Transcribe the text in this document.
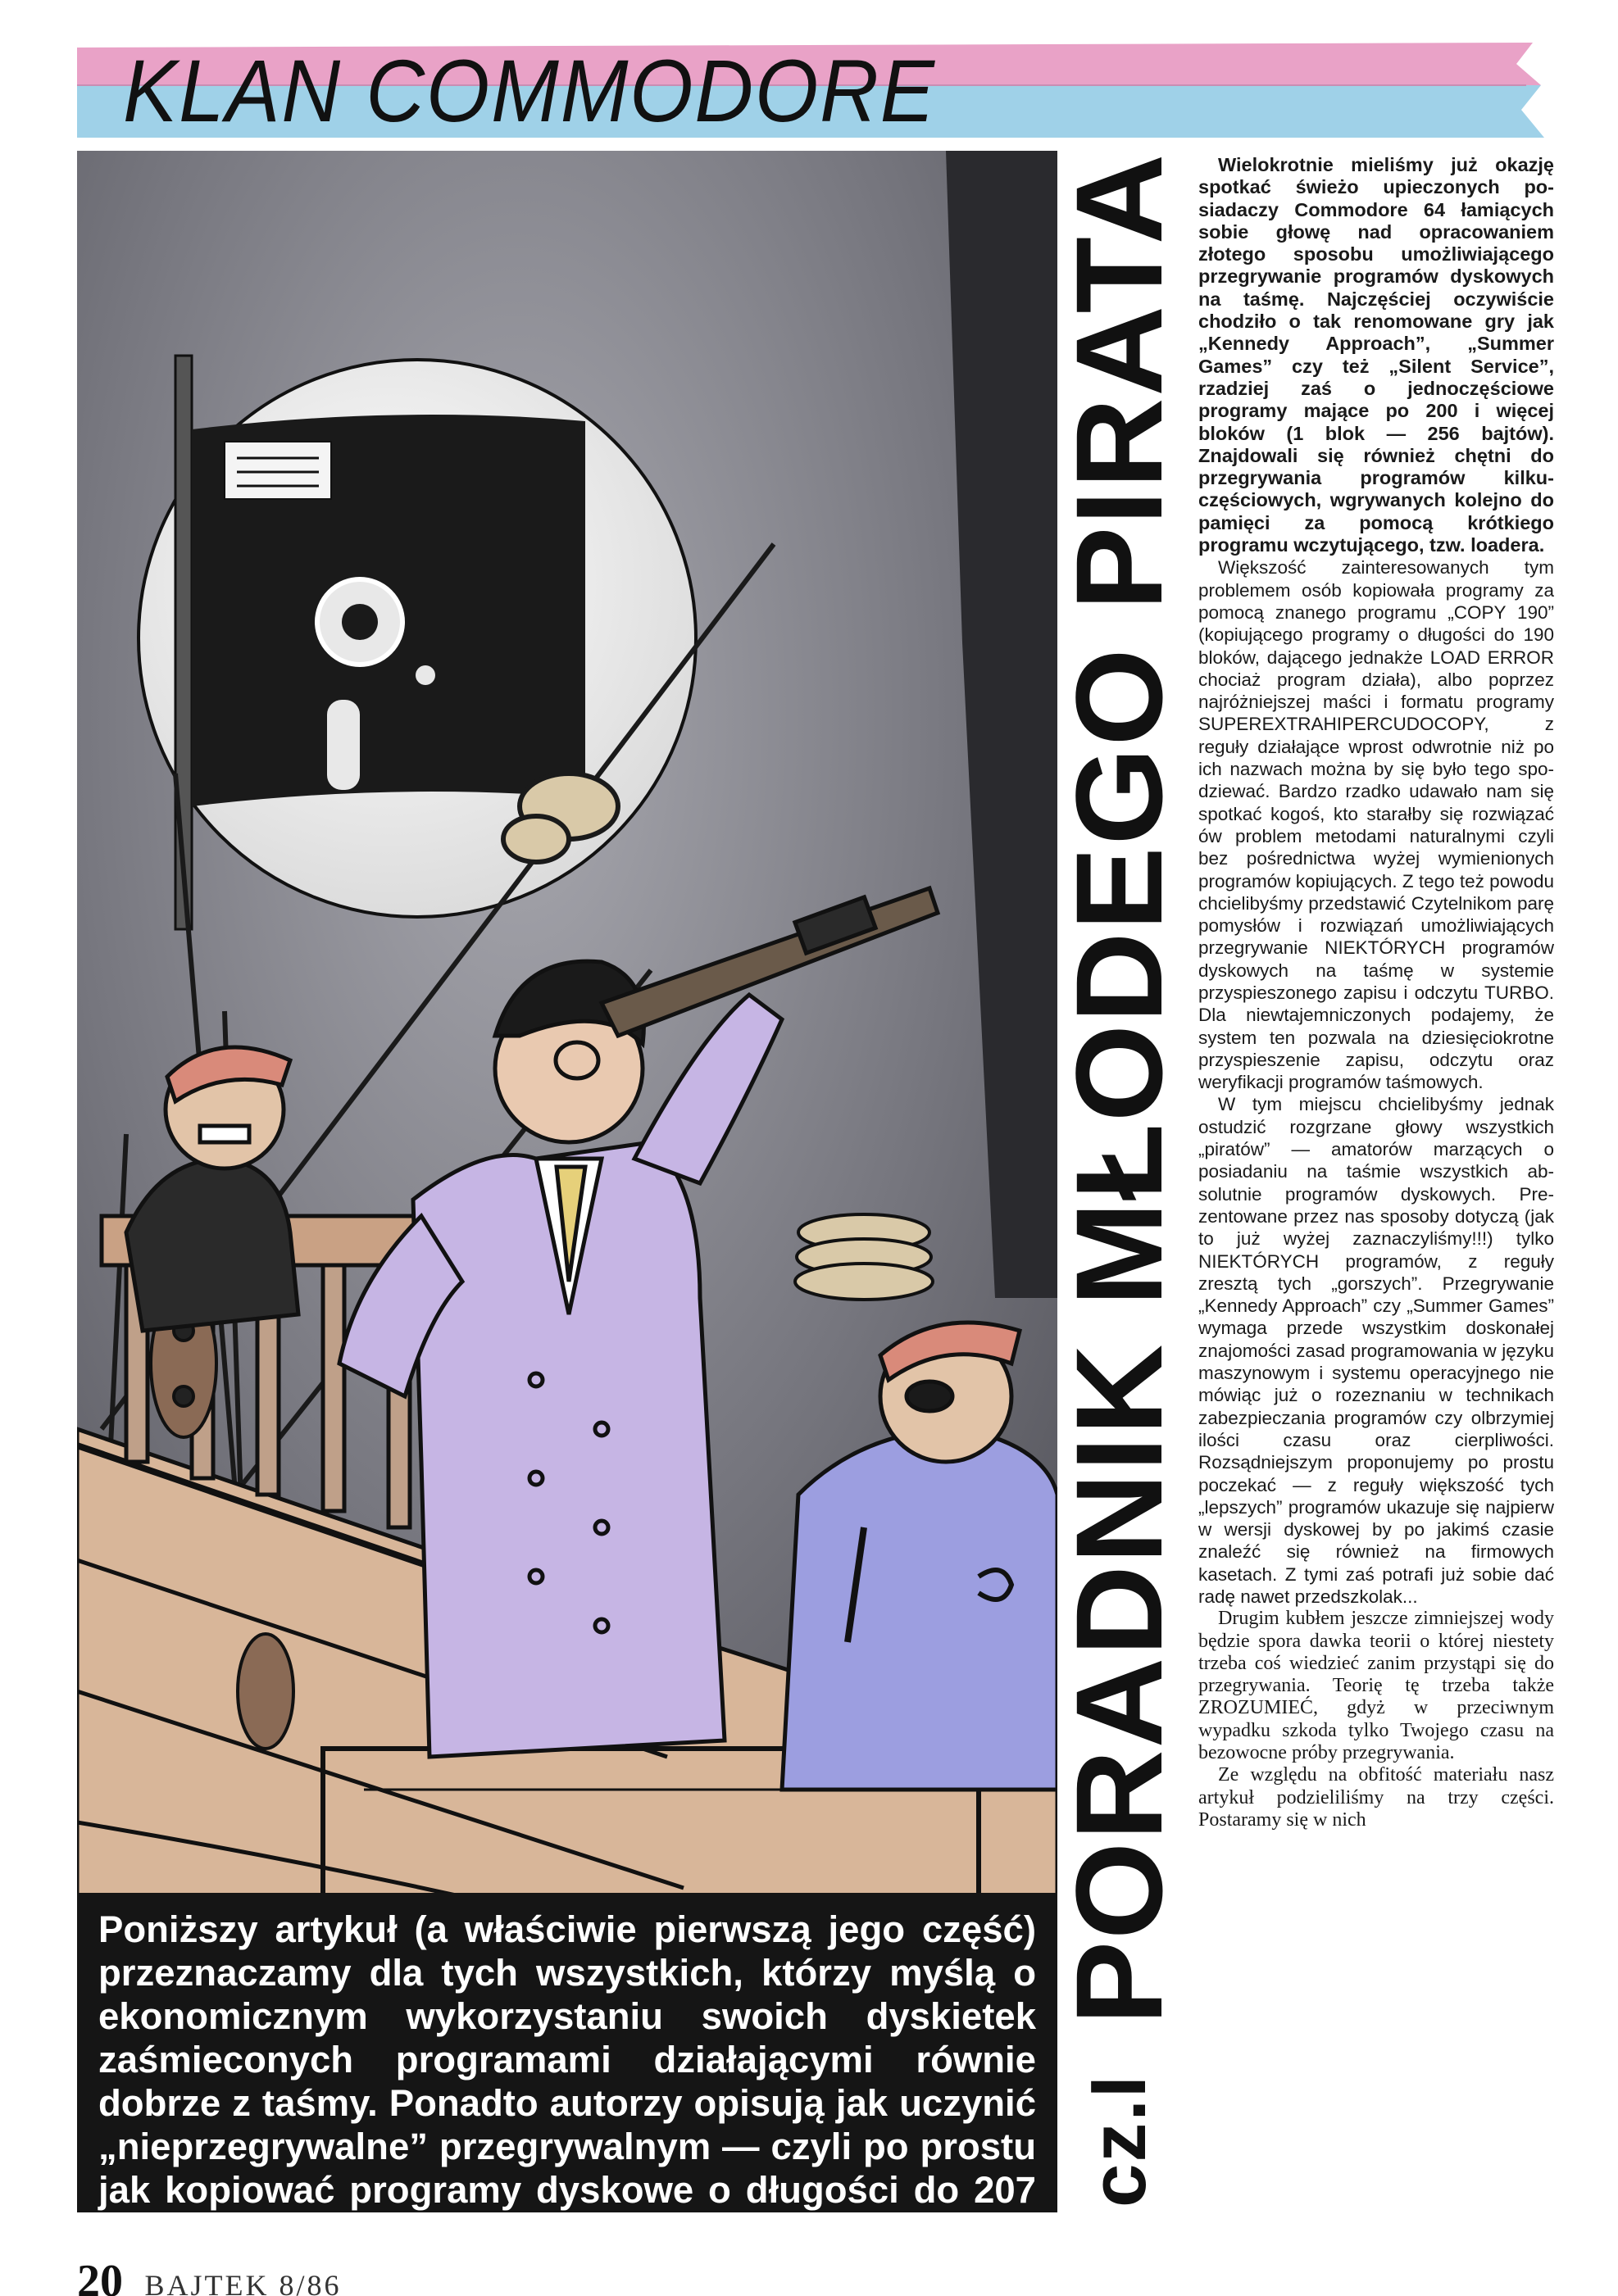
KLAN COMMODORE

Poniższy artykuł (a właściwie pierwszą jego część) przeznaczamy dla tych wszystkich, którzy myślą o ekonomicznym wykorzystaniu swoich dyskietek zaśmieconych programami działającymi równie dobrze z taśmy. Ponadto autorzy opisują jak uczynić „nieprzegrywalne” przegrywalnym — czyli po prostu jak kopiować programy dyskowe o długości do 207 bloków.

cz.I
PORADNIK MŁODEGO PIRATA	Wielokrotnie mieliśmy już okazję spotkać świeżo upieczonych posiadaczy Commodore 64 łamiących sobie głowę nad opracowaniem złotego sposobu umożliwiającego przegrywanie programów dyskowych na taśmę. Najczęściej oczywiście chodziło o tak renomowane gry jak „Kennedy Approach”, „Summer Games” czy też „Silent Service”, rzadziej zaś o jednoczęściowe programy mające po 200 i więcej bloków (1 blok — 256 bajtów). Znajdowali się również chętni do przegrywania programów kilkuczęściowych, wgrywanych kolejno do pamięci za pomocą krótkiego programu wczytującego, tzw. loadera.

Większość zainteresowanych tym problemem osób kopiowała programy za pomocą znanego programu „COPY 190” (kopiującego programy o długości do 190 bloków, dającego jednakże LOAD ERROR chociaż program działa), albo poprzez najróżniejszej maści i formatu programy SUPEREXTRAHIPERCUDOCOPY, z reguły działające wprost odwrotnie niż po ich nazwach można by się było tego spodziewać. Bardzo rzadko udawało nam się spotkać kogoś, kto starałby się rozwiązać ów problem metodami naturalnymi czyli bez pośrednictwa wyżej wymienionych programów kopiujących. Z tego też powodu chcielibyśmy przedstawić Czytelnikom parę pomysłów i rozwiązań umożliwiających przegrywanie NIEKTÓRYCH programów dyskowych na taśmę w systemie przyspieszonego zapisu i odczytu TURBO. Dla niewtajemniczonych podajemy, że system ten pozwala na dziesięciokrotne przyspieszenie zapisu, odczytu oraz weryfikacji programów taśmowych.

W tym miejscu chcielibyśmy jednak ostudzić rozgrzane głowy wszystkich „piratów” — amatorów marzących o posiadaniu na taśmie wszystkich absolutnie programów dyskowych. Prezentowane przez nas sposoby dotyczą (jak to już wyżej zaznaczyliśmy!!!) tylko NIEKTÓRYCH programów, z reguły zresztą tych „gorszych”. Przegrywanie „Kennedy Approach” czy „Summer Games” wymaga przede wszystkim doskonałej znajomości zasad programowania w języku maszynowym i systemu operacyjnego nie mówiąc już o rozeznaniu w technikach zabezpieczania programów czy olbrzymiej ilości czasu oraz cierpliwości. Rozsądniejszym proponujemy po prostu poczekać — z reguły większość tych „lepszych” programów ukazuje się najpierw w wersji dyskowej by po jakimś czasie znaleźć się również na firmowych kasetach. Z tymi zaś potrafi już sobie dać radę nawet przedszkolak...

Drugim kubłem jeszcze zimniejszej wody będzie spora dawka teorii o której niestety trzeba coś wiedzieć zanim przystąpi się do przegrywania. Teorię tę trzeba także ZROZUMIEĆ, gdyż w przeciwnym wypadku szkoda tylko Twojego czasu na bezowocne próby przegrywania.

Ze względu na obfitość materiału nasz artykuł podzieliliśmy na trzy części. Postaramy się w nich

20 BAJTEK 8/86
